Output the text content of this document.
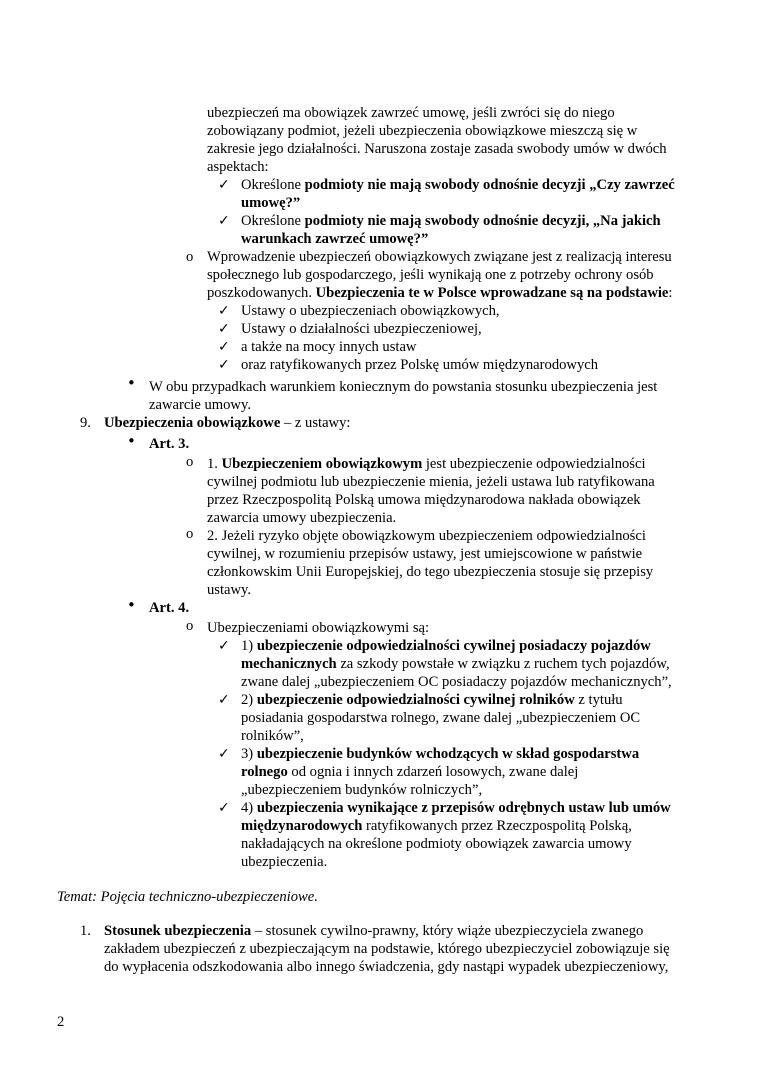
ubezpieczeń ma obowiązek zawrzeć umowę, jeśli zwróci się do niego
zobowiązany podmiot, jeżeli ubezpieczenia obowiązkowe mieszczą się w
zakresie jego działalności. Naruszona zostaje zasada swobody umów w dwóch
aspektach:
✓ Określone podmioty nie mają swobody odnośnie decyzji „Czy zawrzeć
umowę?”
✓ Określone podmioty nie mają swobody odnośnie decyzji, „Na jakich
warunkach zawrzeć umowę?”
o Wprowadzenie ubezpieczeń obowiązkowych związane jest z realizacją interesu
społecznego lub gospodarczego, jeśli wynikają one z potrzeby ochrony osób
poszkodowanych. Ubezpieczenia te w Polsce wprowadzane są na podstawie:
✓ Ustawy o ubezpieczeniach obowiązkowych,
✓ Ustawy o działalności ubezpieczeniowej,
✓ a także na mocy innych ustaw
✓ oraz ratyfikowanych przez Polskę umów międzynarodowych
• W obu przypadkach warunkiem koniecznym do powstania stosunku ubezpieczenia jest
zawarcie umowy.
9. Ubezpieczenia obowiązkowe – z ustawy:
• Art. 3.
o 1. Ubezpieczeniem obowiązkowym jest ubezpieczenie odpowiedzialności
cywilnej podmiotu lub ubezpieczenie mienia, jeżeli ustawa lub ratyfikowana
przez Rzeczpospolitą Polską umowa międzynarodowa nakłada obowiązek
zawarcia umowy ubezpieczenia.
o 2. Jeżeli ryzyko objęte obowiązkowym ubezpieczeniem odpowiedzialności
cywilnej, w rozumieniu przepisów ustawy, jest umiejscowione w państwie
członkowskim Unii Europejskiej, do tego ubezpieczenia stosuje się przepisy
ustawy.
• Art. 4.
o Ubezpieczeniami obowiązkowymi są:
✓ 1) ubezpieczenie odpowiedzialności cywilnej posiadaczy pojazdów
mechanicznych za szkody powstałe w związku z ruchem tych pojazdów,
zwane dalej „ubezpieczeniem OC posiadaczy pojazdów mechanicznych”,
✓ 2) ubezpieczenie odpowiedzialności cywilnej rolników z tytułu
posiadania gospodarstwa rolnego, zwane dalej „ubezpieczeniem OC
rolników”,
✓ 3) ubezpieczenie budynków wchodzących w skład gospodarstwa
rolnego od ognia i innych zdarzeń losowych, zwane dalej
„ubezpieczeniem budynków rolniczych”,
✓ 4) ubezpieczenia wynikające z przepisów odrębnych ustaw lub umów
międzynarodowych ratyfikowanych przez Rzeczpospolitą Polską,
nakładających na określone podmioty obowiązek zawarcia umowy
ubezpieczenia.
Temat: Pojęcia techniczno-ubezpieczeniowe.
1. Stosunek ubezpieczenia – stosunek cywilno-prawny, który wiąże ubezpieczyciela zwanego
zakładem ubezpieczeń z ubezpieczającym na podstawie, którego ubezpieczyciel zobowiązuje się
do wypłacenia odszkodowania albo innego świadczenia, gdy nastąpi wypadek ubezpieczeniowy,
2
